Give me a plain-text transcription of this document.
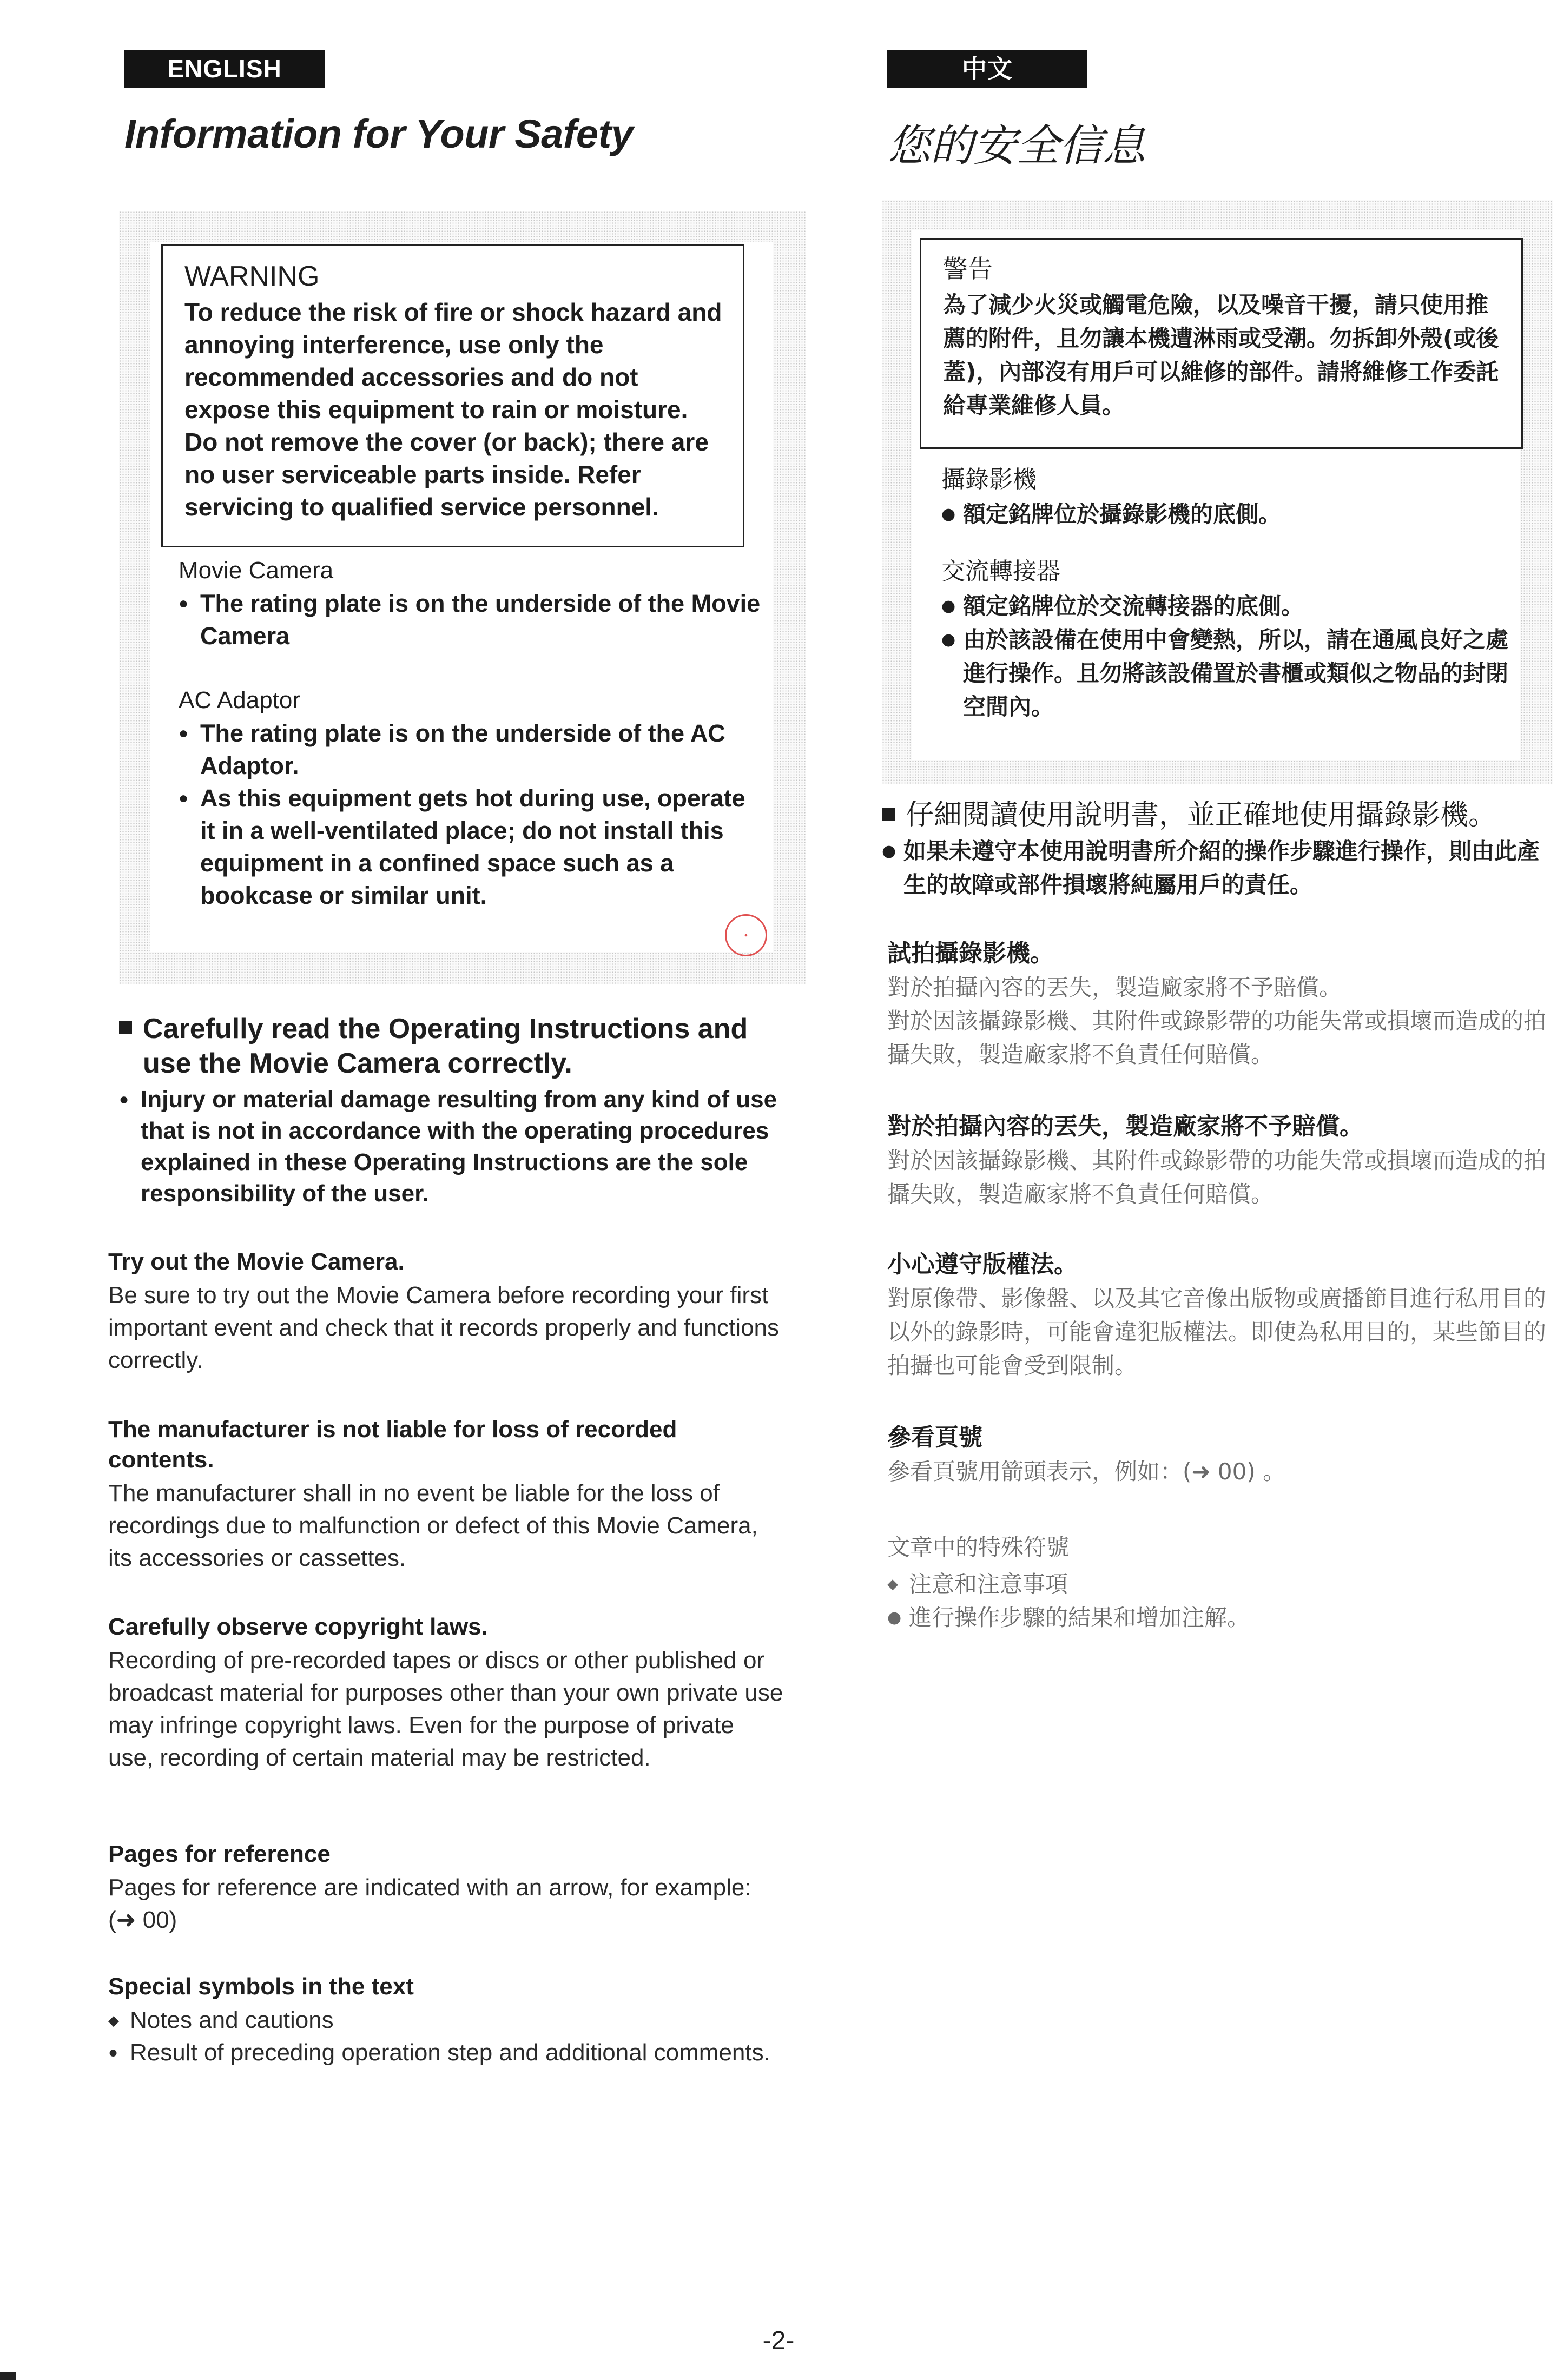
ENGLISH
Information for Your Safety
WARNING

To reduce the risk of fire or shock hazard and annoying interference, use only the recommended accessories and do not expose this equipment to rain or moisture. Do not remove the cover (or back); there are no user serviceable parts inside. Refer servicing to qualified service personnel.

Movie Camera
● The rating plate is on the underside of the Movie Camera
AC Adaptor
● The rating plate is on the underside of the AC Adaptor.
● As this equipment gets hot during use, operate it in a well-ventilated place; do not install this equipment in a confined space such as a bookcase or similar unit.
●

Carefully read the Operating Instructions and use the Movie Camera correctly.

● Injury or material damage resulting from any kind of use that is not in accordance with the operating procedures explained in these Operating Instructions are the sole responsibility of the user.

Try out the Movie Camera.

Be sure to try out the Movie Camera before recording your first important event and check that it records properly and functions correctly.

The manufacturer is not liable for loss of recorded contents.

The manufacturer shall in no event be liable for the loss of recordings due to malfunction or defect of this Movie Camera, its accessories or cassettes.

Carefully observe copyright laws.

Recording of pre-recorded tapes or discs or other published or broadcast material for purposes other than your own private use may infringe copyright laws. Even for the purpose of private use, recording of certain material may be restricted.

Pages for reference

Pages for reference are indicated with an arrow, for example: (➜ 00)

Special symbols in the text

◆ Notes and cautions
● Result of preceding operation step and additional comments.
中文
您的安全信息
警告

為了減少火災或觸電危險，以及噪音干擾，請只使用推薦的附件，且勿讓本機遭淋雨或受潮。勿拆卸外殼(或後蓋)，內部沒有用戶可以維修的部件。請將維修工作委託給專業維修人員。

攝錄影機
● 額定銘牌位於攝錄影機的底側。
交流轉接器
● 額定銘牌位於交流轉接器的底側。
● 由於該設備在使用中會變熱，所以，請在通風良好之處進行操作。且勿將該設備置於書櫃或類似之物品的封閉空間內。

仔細閱讀使用說明書，並正確地使用攝錄影機。

● 如果未遵守本使用說明書所介紹的操作步驟進行操作，則由此產生的故障或部件損壞將純屬用戶的責任。

試拍攝錄影機。

對於拍攝內容的丟失，製造廠家將不予賠償。
對於因該攝錄影機、其附件或錄影帶的功能失常或損壞而造成的拍攝失敗，製造廠家將不負責任何賠償。

對於拍攝內容的丟失，製造廠家將不予賠償。

對於因該攝錄影機、其附件或錄影帶的功能失常或損壞而造成的拍攝失敗，製造廠家將不負責任何賠償。

小心遵守版權法。

對原像帶、影像盤、以及其它音像出版物或廣播節目進行私用目的以外的錄影時，可能會違犯版權法。即使為私用目的，某些節目的拍攝也可能會受到限制。

參看頁號

參看頁號用箭頭表示，例如：(➜ 00) 。

文章中的特殊符號

◆ 注意和注意事項
● 進行操作步驟的結果和增加注解。
-2-
